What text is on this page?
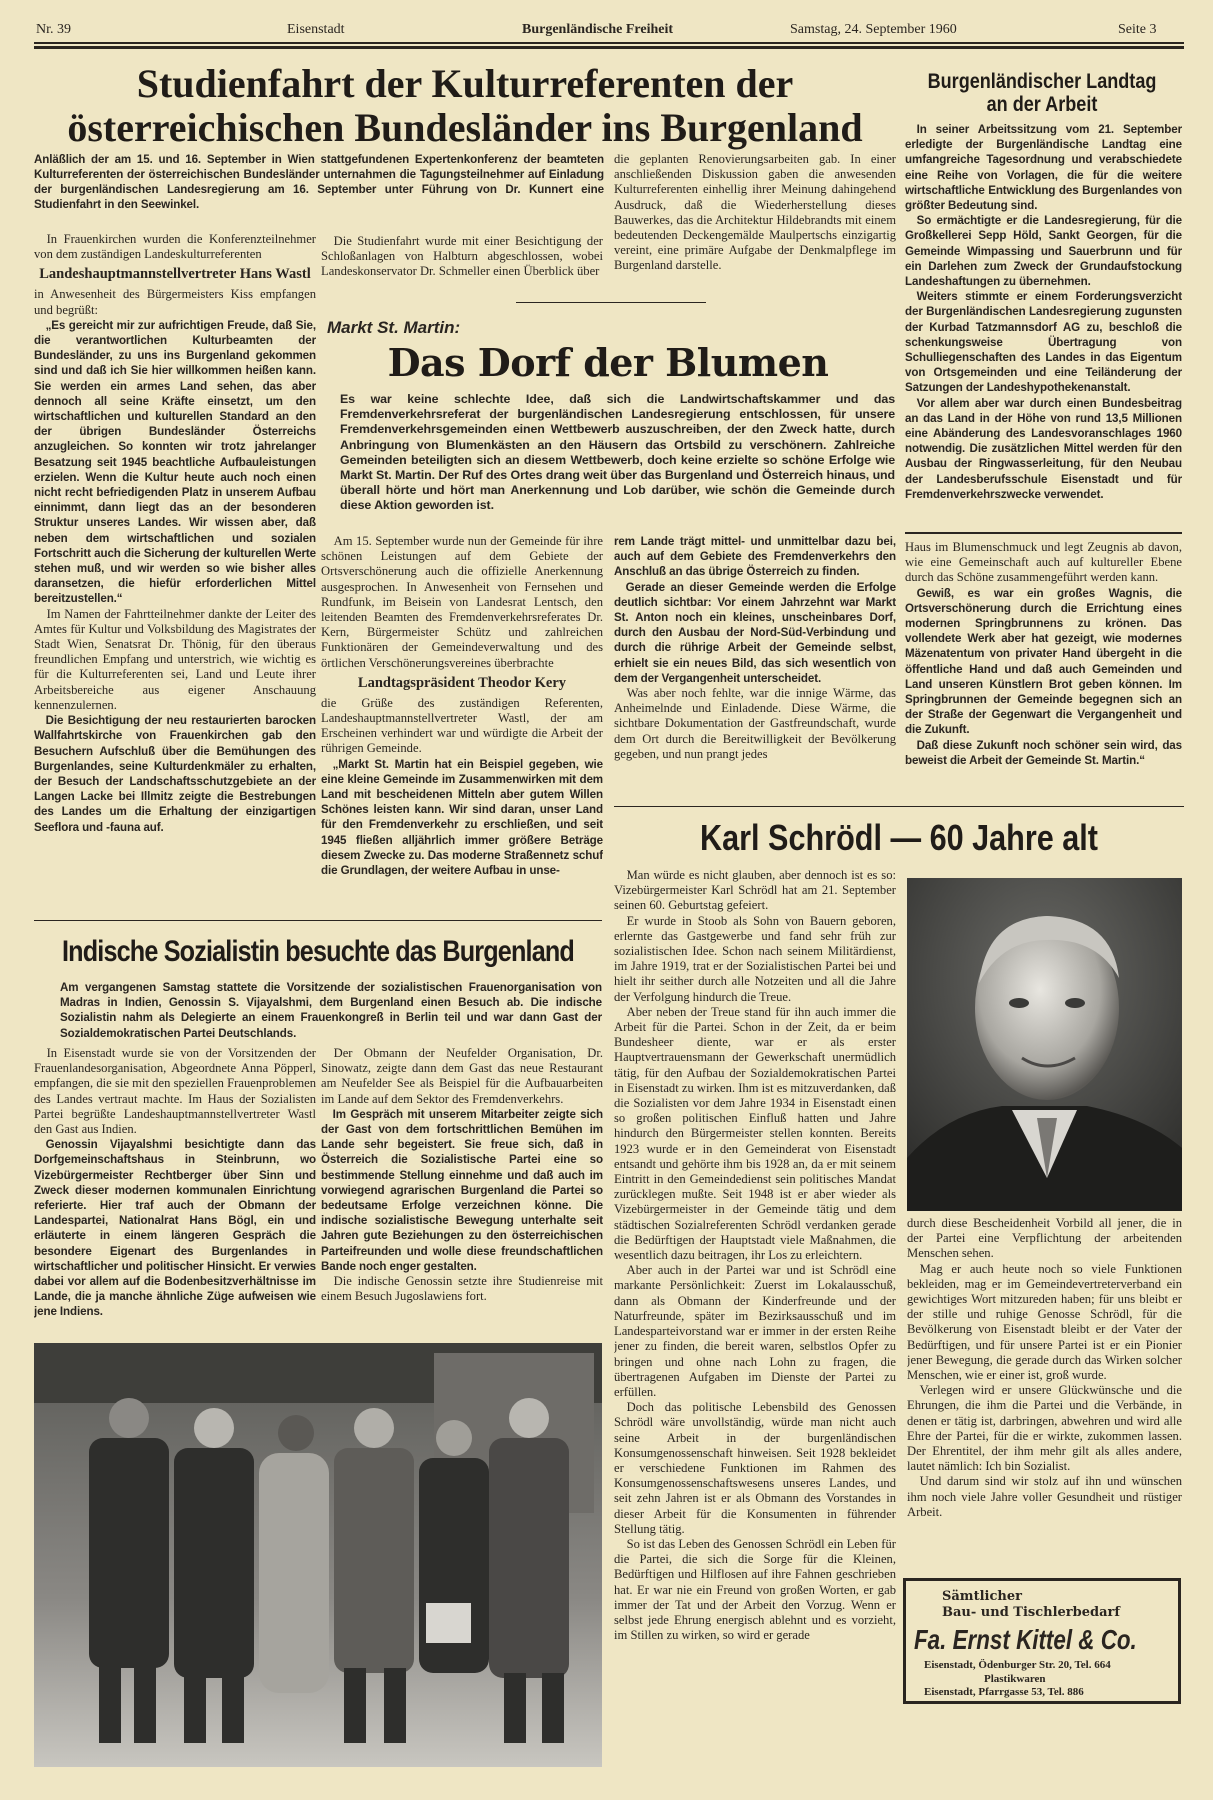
Nr. 39	Eisenstadt	Burgenländische Freiheit	Samstag, 24. September 1960	Seite 3
Studienfahrt der Kulturreferenten der
österreichischen Bundesländer ins Burgenland
Anläßlich der am 15. und 16. September in Wien stattgefundenen Expertenkonferenz der beamteten Kulturreferenten der österreichischen Bundesländer unternahmen die Tagungsteilnehmer auf Einladung der burgenländischen Landesregierung am 16. September unter Führung von Dr. Kunnert eine Studienfahrt in den Seewinkel.

In Frauenkirchen wurden die Konferenzteilnehmer von dem zuständigen Landeskulturreferenten

Landeshauptmannstellvertreter Hans Wastl

in Anwesenheit des Bürgermeisters Kiss empfangen und begrüßt:

„Es gereicht mir zur aufrichtigen Freude, daß Sie, die verantwortlichen Kulturbeamten der Bundesländer, zu uns ins Burgenland gekommen sind und daß ich Sie hier willkommen heißen kann. Sie werden ein armes Land sehen, das aber dennoch all seine Kräfte einsetzt, um den wirtschaftlichen und kulturellen Standard an den der übrigen Bundesländer Österreichs anzugleichen. So konnten wir trotz jahrelanger Besatzung seit 1945 beachtliche Aufbauleistungen erzielen. Wenn die Kultur heute auch noch einen nicht recht befriedigenden Platz in unserem Aufbau einnimmt, dann liegt das an der besonderen Struktur unseres Landes. Wir wissen aber, daß neben dem wirtschaftlichen und sozialen Fortschritt auch die Sicherung der kulturellen Werte stehen muß, und wir werden so wie bisher alles daransetzen, die hiefür erforderlichen Mittel bereitzustellen.“

Im Namen der Fahrtteilnehmer dankte der Leiter des Amtes für Kultur und Volksbildung des Magistrates der Stadt Wien, Senatsrat Dr. Thönig, für den überaus freundlichen Empfang und unterstrich, wie wichtig es für die Kulturreferenten sei, Land und Leute ihrer Arbeitsbereiche aus eigener Anschauung kennenzulernen.

Die Besichtigung der neu restaurierten barocken Wallfahrtskirche von Frauenkirchen gab den Besuchern Aufschluß über die Bemühungen des Burgenlandes, seine Kulturdenkmäler zu erhalten, der Besuch der Landschaftsschutzgebiete an der Langen Lacke bei Illmitz zeigte die Bestrebungen des Landes um die Erhaltung der einzigartigen Seeflora und -fauna auf.

Die Studienfahrt wurde mit einer Besichtigung der Schloßanlagen von Halbturn abgeschlossen, wobei Landeskonservator Dr. Schmeller einen Überblick über

die geplanten Renovierungsarbeiten gab. In einer anschließenden Diskussion gaben die anwesenden Kulturreferenten einhellig ihrer Meinung dahingehend Ausdruck, daß die Wiederherstellung dieses Bauwerkes, das die Architektur Hildebrandts mit einem bedeutenden Deckengemälde Maulpertschs einzigartig vereint, eine primäre Aufgabe der Denkmalpflege im Burgenland darstelle.

Markt St. Martin:
Das Dorf der Blumen
Es war keine schlechte Idee, daß sich die Landwirtschaftskammer und das Fremdenverkehrsreferat der burgenländischen Landesregierung entschlossen, für unsere Fremdenverkehrsgemeinden einen Wettbewerb auszuschreiben, der den Zweck hatte, durch Anbringung von Blumenkästen an den Häusern das Ortsbild zu verschönern. Zahlreiche Gemeinden beteiligten sich an diesem Wettbewerb, doch keine erzielte so schöne Erfolge wie Markt St. Martin. Der Ruf des Ortes drang weit über das Burgenland und Österreich hinaus, und überall hörte und hört man Anerkennung und Lob darüber, wie schön die Gemeinde durch diese Aktion geworden ist.

Am 15. September wurde nun der Gemeinde für ihre schönen Leistungen auf dem Gebiete der Ortsverschönerung auch die offizielle Anerkennung ausgesprochen. In Anwesenheit von Fernsehen und Rundfunk, im Beisein von Landesrat Lentsch, den leitenden Beamten des Fremdenverkehrsreferates Dr. Kern, Bürgermeister Schütz und zahlreichen Funktionären der Gemeindeverwaltung und des örtlichen Verschönerungsvereines überbrachte

Landtagspräsident Theodor Kery

die Grüße des zuständigen Referenten, Landeshauptmannstellvertreter Wastl, der am Erscheinen verhindert war und würdigte die Arbeit der rührigen Gemeinde.

„Markt St. Martin hat ein Beispiel gegeben, wie eine kleine Gemeinde im Zusammenwirken mit dem Land mit bescheidenen Mitteln aber gutem Willen Schönes leisten kann. Wir sind daran, unser Land für den Fremdenverkehr zu erschließen, und seit 1945 fließen alljährlich immer größere Beträge diesem Zwecke zu. Das moderne Straßennetz schuf die Grundlagen, der weitere Aufbau in unse-

rem Lande trägt mittel- und unmittelbar dazu bei, auch auf dem Gebiete des Fremdenverkehrs den Anschluß an das übrige Österreich zu finden.

Gerade an dieser Gemeinde werden die Erfolge deutlich sichtbar: Vor einem Jahrzehnt war Markt St. Anton noch ein kleines, unscheinbares Dorf, durch den Ausbau der Nord-Süd-Verbindung und durch die rührige Arbeit der Gemeinde selbst, erhielt sie ein neues Bild, das sich wesentlich von dem der Vergangenheit unterscheidet.

Was aber noch fehlte, war die innige Wärme, das Anheimelnde und Einladende. Diese Wärme, die sichtbare Dokumentation der Gastfreundschaft, wurde dem Ort durch die Bereitwilligkeit der Bevölkerung gegeben, und nun prangt jedes

Haus im Blumenschmuck und legt Zeugnis ab davon, wie eine Gemeinschaft auch auf kultureller Ebene durch das Schöne zusammengeführt werden kann.

Gewiß, es war ein großes Wagnis, die Ortsverschönerung durch die Errichtung eines modernen Springbrunnens zu krönen. Das vollendete Werk aber hat gezeigt, wie modernes Mäzenatentum von privater Hand übergeht in die öffentliche Hand und daß auch Gemeinden und Land unseren Künstlern Brot geben können. Im Springbrunnen der Gemeinde begegnen sich an der Straße der Gegenwart die Vergangenheit und die Zukunft.

Daß diese Zukunft noch schöner sein wird, das beweist die Arbeit der Gemeinde St. Martin.“

Burgenländischer Landtag
an der Arbeit

In seiner Arbeitssitzung vom 21. September erledigte der Burgenländische Landtag eine umfangreiche Tagesordnung und verabschiedete eine Reihe von Vorlagen, die für die weitere wirtschaftliche Entwicklung des Burgenlandes von größter Bedeutung sind.

So ermächtigte er die Landesregierung, für die Großkellerei Sepp Höld, Sankt Georgen, für die Gemeinde Wimpassing und Sauerbrunn und für ein Darlehen zum Zweck der Grundaufstockung Landeshaftungen zu übernehmen.

Weiters stimmte er einem Forderungsverzicht der Burgenländischen Landesregierung zugunsten der Kurbad Tatzmannsdorf AG zu, beschloß die schenkungsweise Übertragung von Schulliegenschaften des Landes in das Eigentum von Ortsgemeinden und eine Teiländerung der Satzungen der Landeshypothekenanstalt.

Vor allem aber war durch einen Bundesbeitrag an das Land in der Höhe von rund 13,5 Millionen eine Abänderung des Landesvoranschlages 1960 notwendig. Die zusätzlichen Mittel werden für den Ausbau der Ringwasserleitung, für den Neubau der Landesberufsschule Eisenstadt und für Fremdenverkehrszwecke verwendet.

Karl Schrödl — 60 Jahre alt

Man würde es nicht glauben, aber dennoch ist es so: Vizebürgermeister Karl Schrödl hat am 21. September seinen 60. Geburtstag gefeiert.

Er wurde in Stoob als Sohn von Bauern geboren, erlernte das Gastgewerbe und fand sehr früh zur sozialistischen Idee. Schon nach seinem Militärdienst, im Jahre 1919, trat er der Sozialistischen Partei bei und hielt ihr seither durch alle Notzeiten und all die Jahre der Verfolgung hindurch die Treue.

Aber neben der Treue stand für ihn auch immer die Arbeit für die Partei. Schon in der Zeit, da er beim Bundesheer diente, war er als erster Hauptvertrauensmann der Gewerkschaft unermüdlich tätig, für den Aufbau der Sozialdemokratischen Partei in Eisenstadt zu wirken. Ihm ist es mitzuverdanken, daß die Sozialisten vor dem Jahre 1934 in Eisenstadt einen so großen politischen Einfluß hatten und Jahre hindurch den Bürgermeister stellen konnten. Bereits 1923 wurde er in den Gemeinderat von Eisenstadt entsandt und gehörte ihm bis 1928 an, da er mit seinem Eintritt in den Gemeindedienst sein politisches Mandat zurücklegen mußte. Seit 1948 ist er aber wieder als Vizebürgermeister in der Gemeinde tätig und dem städtischen Sozialreferenten Schrödl verdanken gerade die Bedürftigen der Hauptstadt viele Maßnahmen, die wesentlich dazu beitragen, ihr Los zu erleichtern.

Aber auch in der Partei war und ist Schrödl eine markante Persönlichkeit: Zuerst im Lokalausschuß, dann als Obmann der Kinderfreunde und der Naturfreunde, später im Bezirksausschuß und im Landesparteivorstand war er immer in der ersten Reihe jener zu finden, die bereit waren, selbstlos Opfer zu bringen und ohne nach Lohn zu fragen, die übertragenen Aufgaben im Dienste der Partei zu erfüllen.

Doch das politische Lebensbild des Genossen Schrödl wäre unvollständig, würde man nicht auch seine Arbeit in der burgenländischen Konsumgenossenschaft hinweisen. Seit 1928 bekleidet er verschiedene Funktionen im Rahmen des Konsumgenossenschaftswesens unseres Landes, und seit zehn Jahren ist er als Obmann des Vorstandes in dieser Arbeit für die Konsumenten in führender Stellung tätig.

So ist das Leben des Genossen Schrödl ein Leben für die Partei, die sich die Sorge für die Kleinen, Bedürftigen und Hilflosen auf ihre Fahnen geschrieben hat. Er war nie ein Freund von großen Worten, er gab immer der Tat und der Arbeit den Vorzug. Wenn er selbst jede Ehrung energisch ablehnt und es vorzieht, im Stillen zu wirken, so wird er gerade

durch diese Bescheidenheit Vorbild all jener, die in der Partei eine Verpflichtung der arbeitenden Menschen sehen.

Mag er auch heute noch so viele Funktionen bekleiden, mag er im Gemeindevertreterverband ein gewichtiges Wort mitzureden haben; für uns bleibt er der stille und ruhige Genosse Schrödl, für die Bevölkerung von Eisenstadt bleibt er der Vater der Bedürftigen, und für unsere Partei ist er ein Pionier jener Bewegung, die gerade durch das Wirken solcher Menschen, wie er einer ist, groß wurde.

Verlegen wird er unsere Glückwünsche und die Ehrungen, die ihm die Partei und die Verbände, in denen er tätig ist, darbringen, abwehren und wird alle Ehre der Partei, für die er wirkte, zukommen lassen. Der Ehrentitel, der ihm mehr gilt als alles andere, lautet nämlich: Ich bin Sozialist.

Und darum sind wir stolz auf ihn und wünschen ihm noch viele Jahre voller Gesundheit und rüstiger Arbeit.

Sämtlicher
Bau- und Tischlerbedarf
Fa. Ernst Kittel & Co.
Eisenstadt, Ödenburger Str. 20, Tel. 664
Plastikwaren
Eisenstadt, Pfarrgasse 53, Tel. 886
Indische Sozialistin besuchte das Burgenland
Am vergangenen Samstag stattete die Vorsitzende der sozialistischen Frauenorganisation von Madras in Indien, Genossin S. Vijayalshmi, dem Burgenland einen Besuch ab. Die indische Sozialistin nahm als Delegierte an einem Frauenkongreß in Berlin teil und war dann Gast der Sozialdemokratischen Partei Deutschlands.

In Eisenstadt wurde sie von der Vorsitzenden der Frauenlandesorganisation, Abgeordnete Anna Pöpperl, empfangen, die sie mit den speziellen Frauenproblemen des Landes vertraut machte. Im Haus der Sozialisten Partei begrüßte Landeshauptmannstellvertreter Wastl den Gast aus Indien.

Genossin Vijayalshmi besichtigte dann das Dorfgemeinschaftshaus in Steinbrunn, wo Vizebürgermeister Rechtberger über Sinn und Zweck dieser modernen kommunalen Einrichtung referierte. Hier traf auch der Obmann der Landespartei, Nationalrat Hans Bögl, ein und erläuterte in einem längeren Gespräch die besondere Eigenart des Burgenlandes in wirtschaftlicher und politischer Hinsicht. Er verwies dabei vor allem auf die Bodenbesitzverhältnisse im Lande, die ja manche ähnliche Züge aufweisen wie jene Indiens.

Der Obmann der Neufelder Organisation, Dr. Sinowatz, zeigte dann dem Gast das neue Restaurant am Neufelder See als Beispiel für die Aufbauarbeiten im Lande auf dem Sektor des Fremdenverkehrs.

Im Gespräch mit unserem Mitarbeiter zeigte sich der Gast von dem fortschrittlichen Bemühen im Lande sehr begeistert. Sie freue sich, daß in Österreich die Sozialistische Partei eine so bestimmende Stellung einnehme und daß auch im vorwiegend agrarischen Burgenland die Partei so bedeutsame Erfolge verzeichnen könne. Die indische sozialistische Bewegung unterhalte seit Jahren gute Beziehungen zu den österreichischen Parteifreunden und wolle diese freundschaftlichen Bande noch enger gestalten.

Die indische Genossin setzte ihre Studienreise mit einem Besuch Jugoslawiens fort.
